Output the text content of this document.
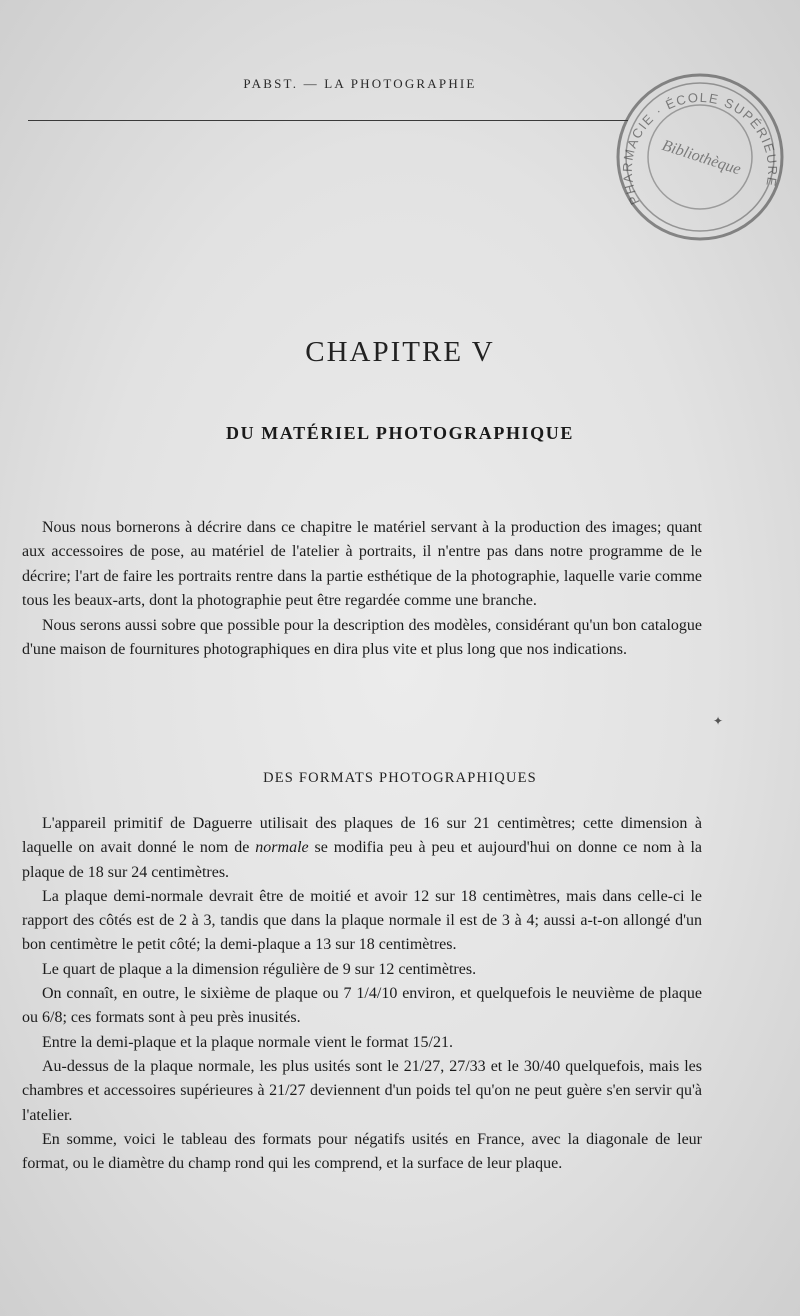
PABST. — LA PHOTOGRAPHIE
PHARMACIE · ÉCOLE SUPÉRIEURE
Bibliothèque
CHAPITRE V
DU MATÉRIEL PHOTOGRAPHIQUE

Nous nous bornerons à décrire dans ce chapitre le matériel servant à la production des images; quant aux accessoires de pose, au matériel de l'atelier à portraits, il n'entre pas dans notre programme de le décrire; l'art de faire les portraits rentre dans la partie esthétique de la photographie, laquelle varie comme tous les beaux-arts, dont la photographie peut être regardée comme une branche.

Nous serons aussi sobre que possible pour la description des modèles, considérant qu'un bon catalogue d'une maison de fournitures photographiques en dira plus vite et plus long que nos indications.

✦
DES FORMATS PHOTOGRAPHIQUES

L'appareil primitif de Daguerre utilisait des plaques de 16 sur 21 centimètres; cette dimension à laquelle on avait donné le nom de normale se modifia peu à peu et aujourd'hui on donne ce nom à la plaque de 18 sur 24 centimètres.

La plaque demi-normale devrait être de moitié et avoir 12 sur 18 centimètres, mais dans celle-ci le rapport des côtés est de 2 à 3, tandis que dans la plaque normale il est de 3 à 4; aussi a-t-on allongé d'un bon centimètre le petit côté; la demi-plaque a 13 sur 18 centimètres.

Le quart de plaque a la dimension régulière de 9 sur 12 centimètres.

On connaît, en outre, le sixième de plaque ou 7 1/4/10 environ, et quelquefois le neuvième de plaque ou 6/8; ces formats sont à peu près inusités.

Entre la demi-plaque et la plaque normale vient le format 15/21.

Au-dessus de la plaque normale, les plus usités sont le 21/27, 27/33 et le 30/40 quelquefois, mais les chambres et accessoires supérieures à 21/27 deviennent d'un poids tel qu'on ne peut guère s'en servir qu'à l'atelier.

En somme, voici le tableau des formats pour négatifs usités en France, avec la diagonale de leur format, ou le diamètre du champ rond qui les comprend, et la surface de leur plaque.
